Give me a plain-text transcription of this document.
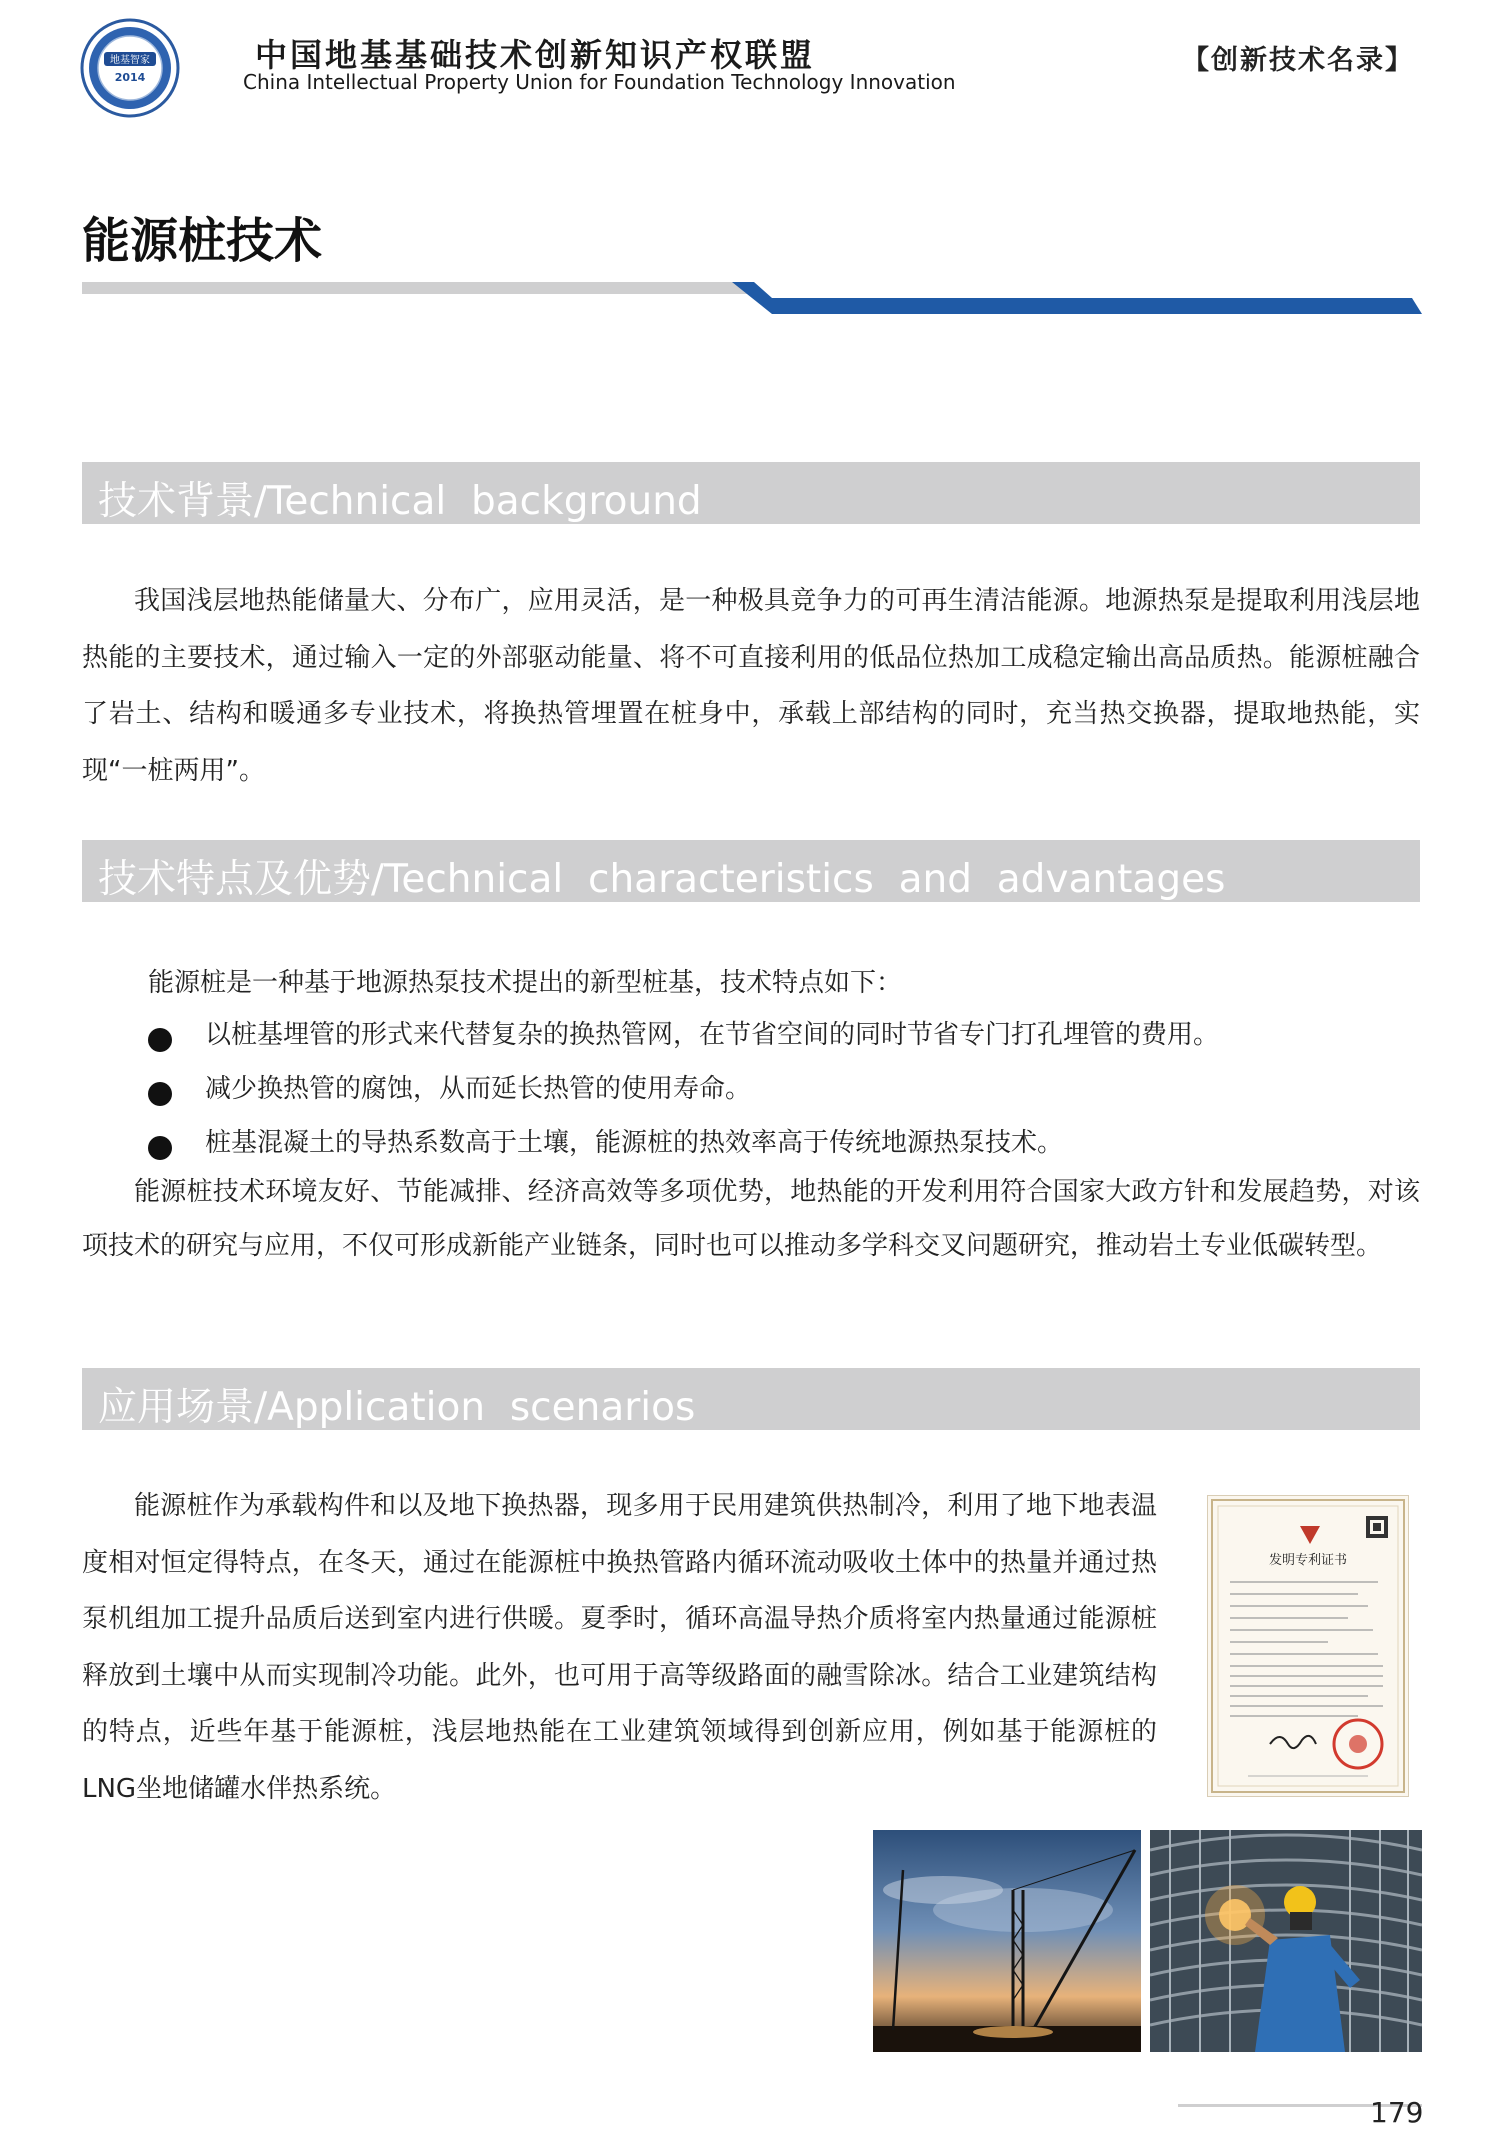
地基智家
2014
中国地基基础技术创新知识产权联盟
China Intellectual Property Union for Foundation Technology Innovation
【创新技术名录】
能源桩技术
技术背景/Technical  background

我国浅层地热能储量大、分布广，应用灵活，是一种极具竞争力的可再生清洁能源。地源热泵是提取利用浅层地热能的主要技术，通过输入一定的外部驱动能量、将不可直接利用的低品位热加工成稳定输出高品质热。能源桩融合了岩土、结构和暖通多专业技术，将换热管埋置在桩身中，承载上部结构的同时，充当热交换器，提取地热能，实现“一桩两用”。

技术特点及优势/Technical  characteristics  and  advantages
能源桩是一种基于地源热泵技术提出的新型桩基，技术特点如下：
以桩基埋管的形式来代替复杂的换热管网，在节省空间的同时节省专门打孔埋管的费用。
减少换热管的腐蚀，从而延长热管的使用寿命。
桩基混凝土的导热系数高于土壤，能源桩的热效率高于传统地源热泵技术。

能源桩技术环境友好、节能减排、经济高效等多项优势，地热能的开发利用符合国家大政方针和发展趋势，对该项技术的研究与应用，不仅可形成新能产业链条，同时也可以推动多学科交叉问题研究，推动岩土专业低碳转型。

应用场景/Application  scenarios

能源桩作为承载构件和以及地下换热器，现多用于民用建筑供热制冷，利用了地下地表温度相对恒定得特点，在冬天，通过在能源桩中换热管路内循环流动吸收土体中的热量并通过热泵机组加工提升品质后送到室内进行供暖。夏季时，循环高温导热介质将室内热量通过能源桩释放到土壤中从而实现制冷功能。此外，也可用于高等级路面的融雪除冰。结合工业建筑结构的特点，近些年基于能源桩，浅层地热能在工业建筑领域得到创新应用，例如基于能源桩的LNG坐地储罐水伴热系统。

发明专利证书
179
